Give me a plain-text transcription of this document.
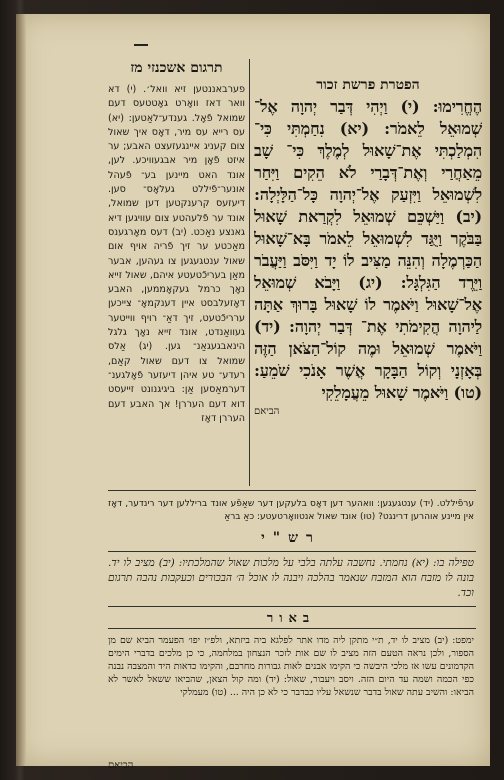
הפטרת פרשת זכור

הֶחֱרִימוּ: (י) וַיְהִי דְּבַר יְהוָה אֶל־ שְׁמוּאֵל לֵאמֹר: (יא) נִחַמְתִּי כִּי־ הִמְלַכְתִּי אֶת־שָׁאוּל לְמֶלֶךְ כִּי־ שָׁב מֵאַחֲרַי וְאֶת־דְּבָרַי לֹא הֵקִים וַיִּחַר לִשְׁמוּאֵל וַיִּזְעַק אֶל־יְהוָה כָּל־הַלָּיְלָה: (יב) וַיַּשְׁכֵּם שְׁמוּאֵל לִקְרַאת שָׁאוּל בַּבֹּקֶר וַיֻּגַּד לִשְׁמוּאֵל לֵאמֹר בָּא־שָׁאוּל הַכַּרְמֶלָה וְהִנֵּה מַצִּיב לוֹ יָד וַיִּסֹּב וַיַּעֲבֹר וַיֵּרֶד הַגִּלְגָּל: (יג) וַיָּבֹא שְׁמוּאֵל אֶל־שָׁאוּל וַיֹּאמֶר לוֹ שָׁאוּל בָּרוּךְ אַתָּה לַיהוָה הֲקִימֹתִי אֶת־ דְּבַר יְהוָה: (יד) וַיֹּאמֶר שְׁמוּאֵל וּמֶה קוֹל־הַצֹּאן הַזֶּה בְּאָזְנָי וְקוֹל הַבָּקָר אֲשֶׁר אָנֹכִי שֹׁמֵעַ: (טו) וַיֹּאמֶר שָׁאוּל מֵעֲמָלֵקִי

הביאם
תרגום אשכנזי מז

פערבאננטען זיא וואל׳. (י) דא וואר דאז וואָרט גאָטטעס דעם שמואל פֿאָל. גענדע־לאַטען: (יא) עס רייא עס מיר, דאָס איך שאול צום קעניג איינגעזעצט האבע; ער איזט פֿאָן מיר אבגעוויכע. לען, אונד האט מיינען בע־ פֿעהל אונער־פֿיללט געלאָס־ סען. דיעזעס קרענקטען דען שמואל, אונד ער פֿלעהטע צום עוויגען דיא גאנצע נאַכט. (יב) דעס מאָרגענס מאַכטע ער זיך פֿריה אויף אום שאול ענטגעגען צו געהען, אבער מאַן בעריכֿטעטע איהם, שאול זייא נאָך כרמל געקאָממען, האבע דאָזעלבסט איין דענקמאָ־ צייכען ערריכֿטעט, זיך דאַ־ רויף ווייטער געוואַנדט, אונד זייא נאָך גלגל הינאבגעגאַנ־ גען. (יג) אַלס שמואל צו דעם שאול קאַם, רעדע־ טע איהן דיעזער פֿאָלגענ־ דערמאַסען אַן: ביגיגנונט זייעסט דוא דעם העררן! אך האבע דעם העררן דאָז

ערפֿיללט. (יד) ענטגעגען: וואהער דען דאָס בלעקען דער שאַפֿע אונד בריללען דער רינדער, דאָז אין מיינע אוהרען דרינגט? (טו) אונד שאול אנטוואָרטעטע: כאַ בראַ
רש"י
טפילה בו: (יא) נחמתי. נחשבה עלתה בלבי על מלכות שאול שהמלכתיו: (יב) מציב לו יד. בונה לו מזבח הוא המזבח שנאמר בהלכה ויבנה לו אוכל ה׳ הבכורים וכעקבות נהבה תרגום וכד.
באור
ימפט: (יב) מציב לו יד, ת״י מתקן ליה מדו אתר לפלגא ביה ביזתא, ולפ״ז יפו׳ הפעמר הביא שם מן הספור, ולכן נראה הטעם הזה מציב לו שם אות לזכר הנצחון במלחמה, כי כן מלכים בדברי הימים הקדמונים עשו אז מלכי היבשה כי הקימו אבנים לאות גבורות מחרבם, והקימו כדאות היד והמצבה נבנה כפי הכמה ושמה עד היום הזה. ויסב ויעבור, שאול: (יד) ומה קול הצאן, שהביאו ששאל לאשר לא הביאו: והשיב עתה שאול בדבר שנשאל עליו כבדבר כי לא כן היה ... (טו) מעמלקי
הביאם
